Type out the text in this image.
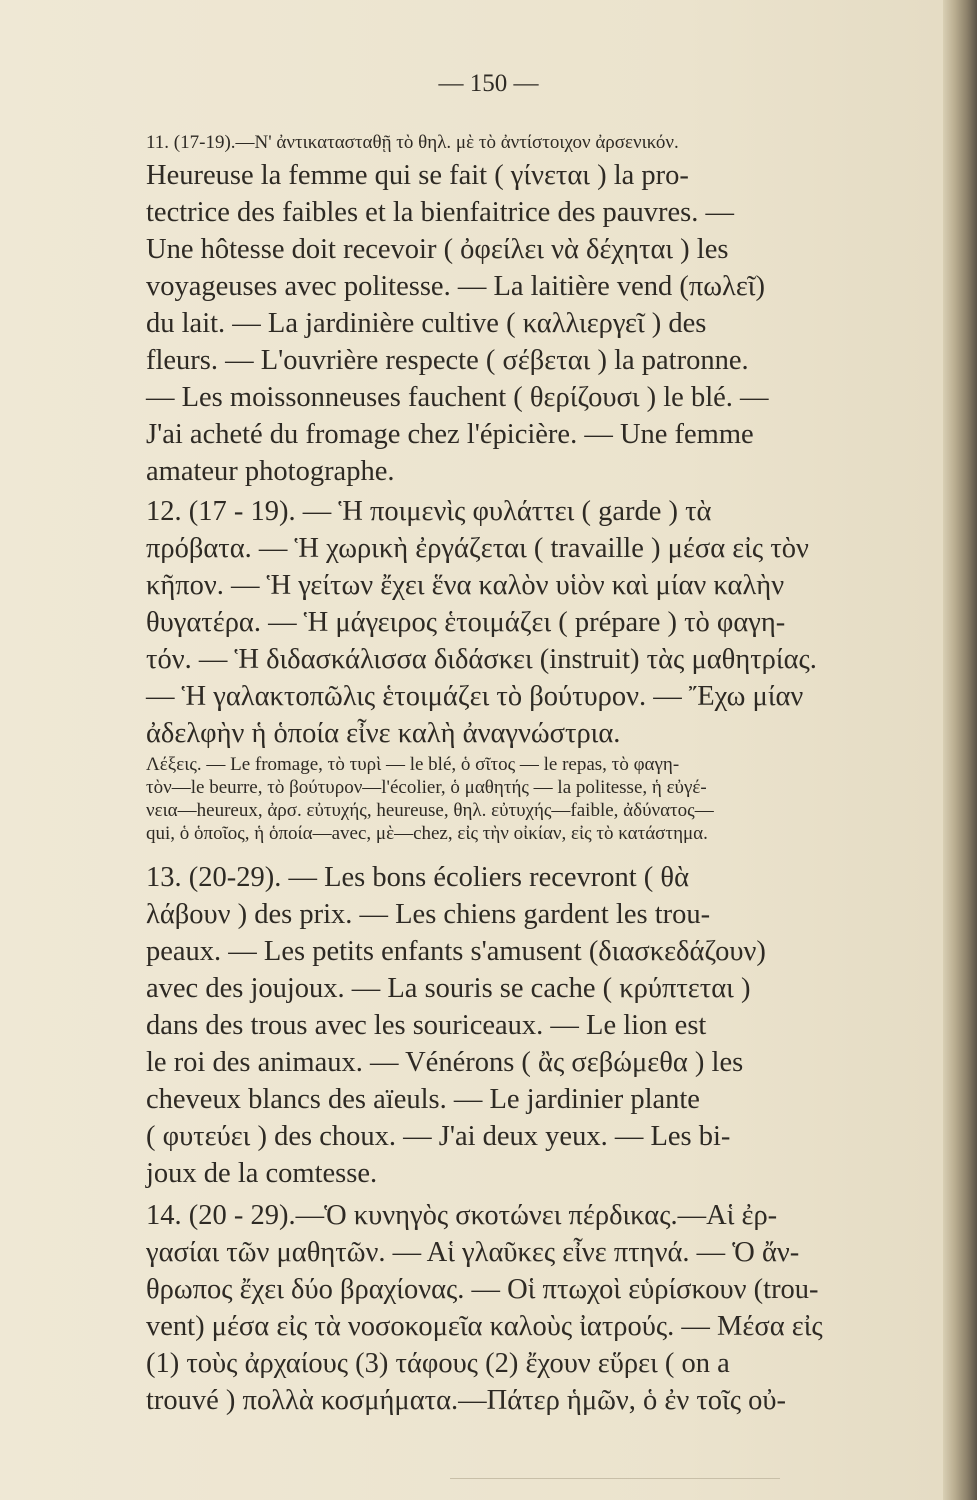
— 150 —
11. (17-19).—Ν' ἀντικατασταθῇ τὸ θηλ. μὲ τὸ ἀντίστοιχον ἀρσενικόν.
Heureuse la femme qui se fait ( γίνεται ) la pro-
tectrice des faibles et la bienfaitrice des pauvres. —
Une hôtesse doit recevoir ( ὀφείλει νὰ δέχηται ) les
voyageuses avec politesse. — La laitière vend (πωλεῖ)
du lait. — La jardinière cultive ( καλλιεργεῖ ) des
fleurs. — L'ouvrière respecte ( σέβεται ) la patronne.
— Les moissonneuses fauchent ( θερίζουσι ) le blé. —
J'ai acheté du fromage chez l'épicière. — Une femme
amateur photographe.
12. (17 - 19). — Ἡ ποιμενὶς φυλάττει ( garde ) τὰ
πρόβατα. — Ἡ χωρικὴ ἐργάζεται ( travaille ) μέσα εἰς τὸν
κῆπον. — Ἡ γείτων ἔχει ἕνα καλὸν υἱὸν καὶ μίαν καλὴν
θυγατέρα. — Ἡ μάγειρος ἑτοιμάζει ( prépare ) τὸ φαγη-
τόν. — Ἡ διδασκάλισσα διδάσκει (instruit) τὰς μαθητρίας.
— Ἡ γαλακτοπῶλις ἑτοιμάζει τὸ βούτυρον. — Ἔχω μίαν
ἀδελφὴν ἡ ὁποία εἶνε καλὴ ἀναγνώστρια.
Λέξεις. — Le fromage, τὸ τυρὶ — le blé, ὁ σῖτος — le repas, τὸ φαγη-
τὸν—le beurre, τὸ βούτυρον—l'écolier, ὁ μαθητής — la politesse, ἡ εὐγέ-
νεια—heureux, ἀρσ. εὐτυχής, heureuse, θηλ. εὐτυχής—faible, ἀδύνατος—
qui, ὁ ὁποῖος, ἡ ὁποία—avec, μὲ—chez, εἰς τὴν οἰκίαν, εἰς τὸ κατάστημα.
13. (20-29). — Les bons écoliers recevront ( θὰ
λάβουν ) des prix. — Les chiens gardent les trou-
peaux. — Les petits enfants s'amusent (διασκεδάζουν)
avec des joujoux. — La souris se cache ( κρύπτεται )
dans des trous avec les souriceaux. — Le lion est
le roi des animaux. — Vénérons ( ἂς σεβώμεθα ) les
cheveux blancs des aïeuls. — Le jardinier plante
( φυτεύει ) des choux. — J'ai deux yeux. — Les bi-
joux de la comtesse.
14. (20 - 29).—Ὁ κυνηγὸς σκοτώνει πέρδικας.—Αἱ ἐρ-
γασίαι τῶν μαθητῶν. — Αἱ γλαῦκες εἶνε πτηνά. — Ὁ ἄν-
θρωπος ἔχει δύο βραχίονας. — Οἱ πτωχοὶ εὑρίσκουν (trou-
vent) μέσα εἰς τὰ νοσοκομεῖα καλοὺς ἰατρούς. — Μέσα εἰς
(1) τοὺς ἀρχαίους (3) τάφους (2) ἔχουν εὕρει ( on a
trouvé ) πολλὰ κοσμήματα.—Πάτερ ἡμῶν, ὁ ἐν τοῖς οὐ-
